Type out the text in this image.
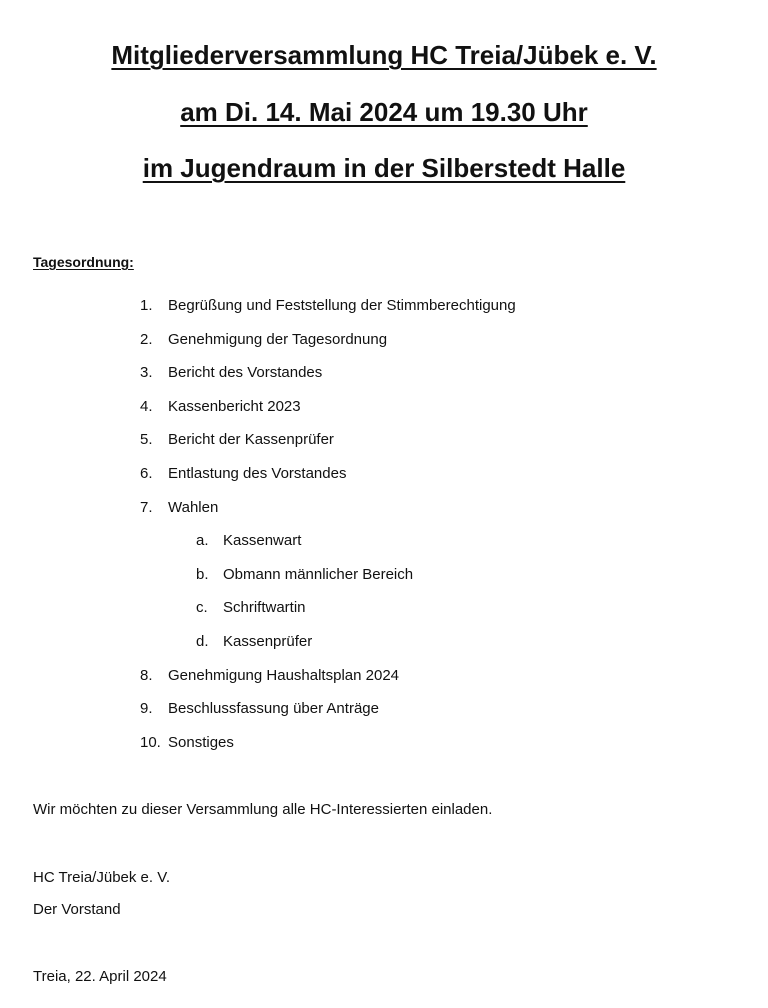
Mitgliederversammlung HC Treia/Jübek e. V.
am Di. 14. Mai 2024 um 19.30 Uhr
im Jugendraum in der Silberstedt Halle
Tagesordnung:
1. Begrüßung und Feststellung der Stimmberechtigung
2. Genehmigung der Tagesordnung
3. Bericht des Vorstandes
4. Kassenbericht 2023
5. Bericht der Kassenprüfer
6. Entlastung des Vorstandes
7. Wahlen
a. Kassenwart
b. Obmann männlicher Bereich
c. Schriftwartin
d. Kassenprüfer
8. Genehmigung Haushaltsplan 2024
9. Beschlussfassung über Anträge
10. Sonstiges
Wir möchten zu dieser Versammlung alle HC-Interessierten einladen.
HC Treia/Jübek e. V.
Der Vorstand
Treia, 22. April 2024
